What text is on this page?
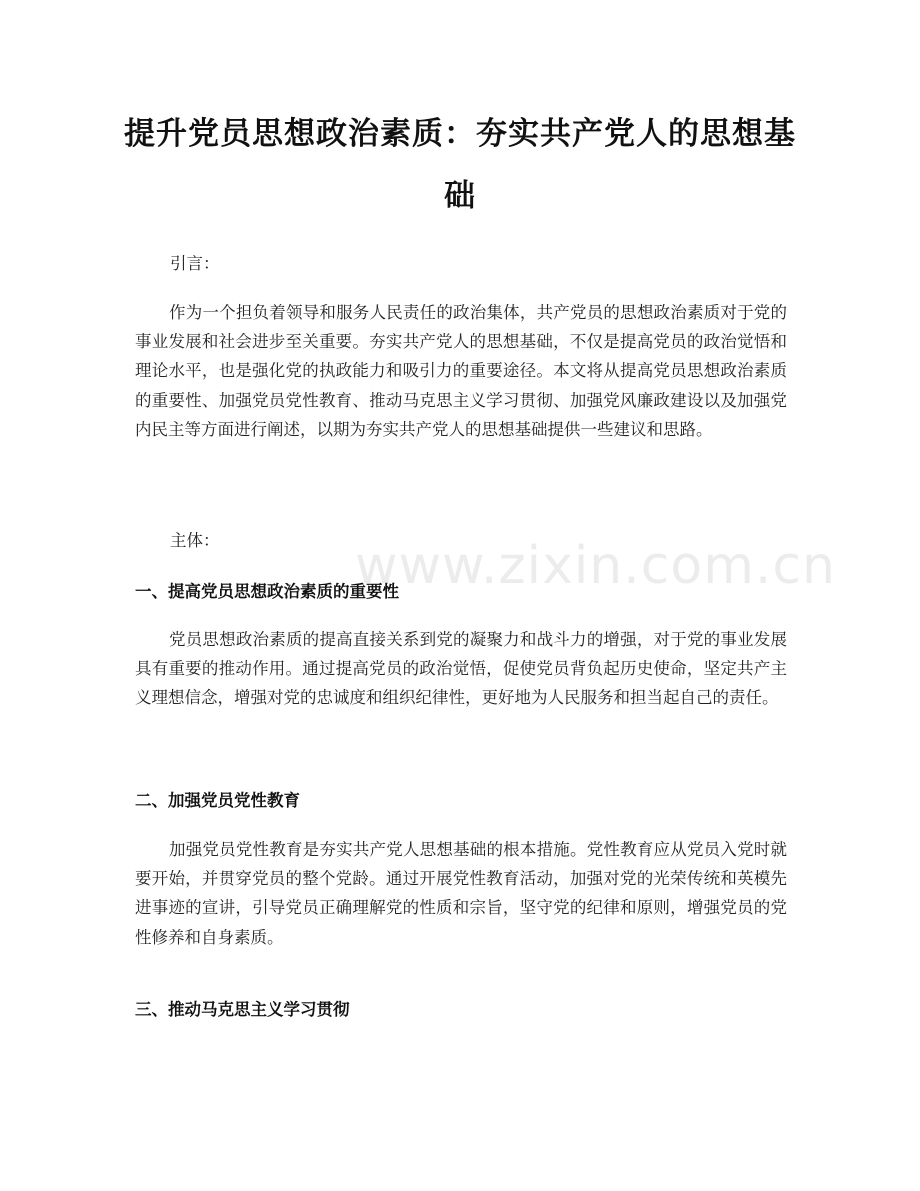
提升党员思想政治素质：夯实共产党人的思想基础
引言：
作为一个担负着领导和服务人民责任的政治集体，共产党员的思想政治素质对于党的事业发展和社会进步至关重要。夯实共产党人的思想基础，不仅是提高党员的政治觉悟和理论水平，也是强化党的执政能力和吸引力的重要途径。本文将从提高党员思想政治素质的重要性、加强党员党性教育、推动马克思主义学习贯彻、加强党风廉政建设以及加强党内民主等方面进行阐述，以期为夯实共产党人的思想基础提供一些建议和思路。
主体：
一、提高党员思想政治素质的重要性
党员思想政治素质的提高直接关系到党的凝聚力和战斗力的增强，对于党的事业发展具有重要的推动作用。通过提高党员的政治觉悟，促使党员背负起历史使命，坚定共产主义理想信念，增强对党的忠诚度和组织纪律性，更好地为人民服务和担当起自己的责任。
二、加强党员党性教育
加强党员党性教育是夯实共产党人思想基础的根本措施。党性教育应从党员入党时就要开始，并贯穿党员的整个党龄。通过开展党性教育活动，加强对党的光荣传统和英模先进事迹的宣讲，引导党员正确理解党的性质和宗旨，坚守党的纪律和原则，增强党员的党性修养和自身素质。
三、推动马克思主义学习贯彻
www.zixin.com.cn
